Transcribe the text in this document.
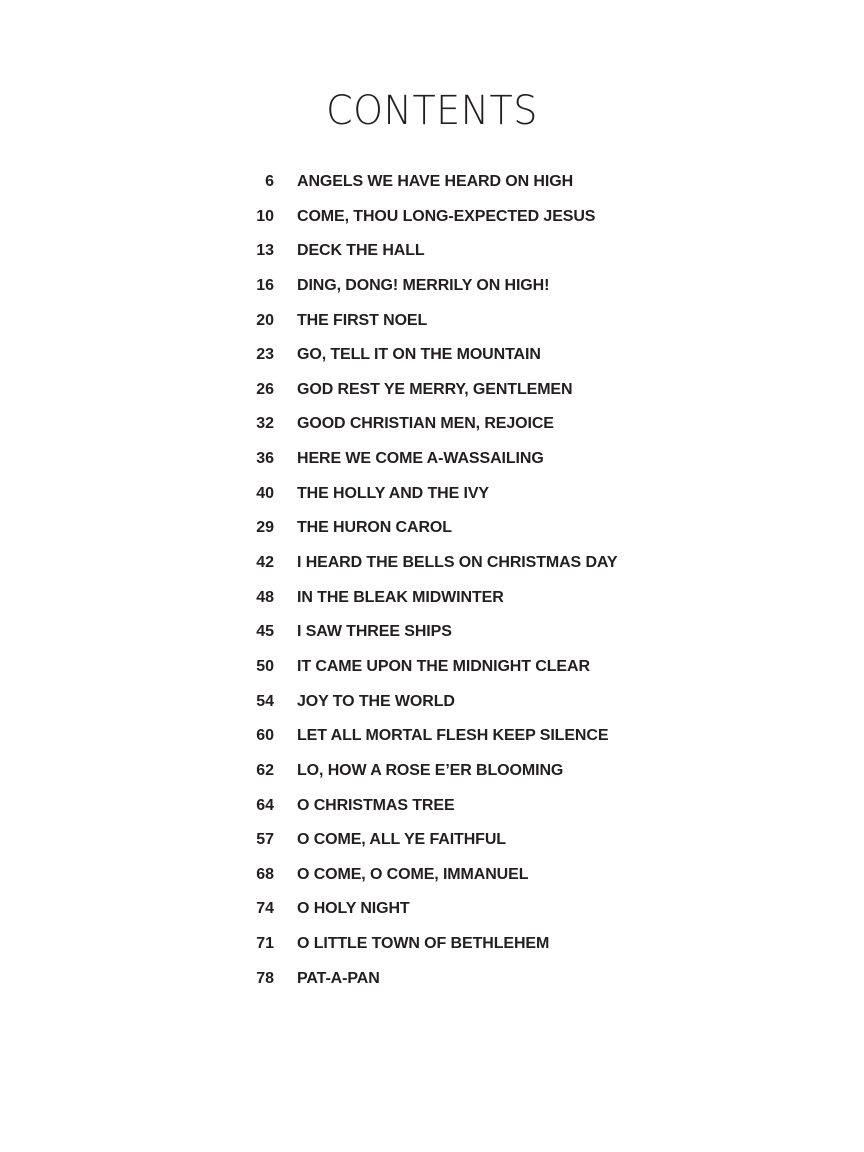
CONTENTS
6 ANGELS WE HAVE HEARD ON HIGH
10 COME, THOU LONG-EXPECTED JESUS
13 DECK THE HALL
16 DING, DONG! MERRILY ON HIGH!
20 THE FIRST NOEL
23 GO, TELL IT ON THE MOUNTAIN
26 GOD REST YE MERRY, GENTLEMEN
32 GOOD CHRISTIAN MEN, REJOICE
36 HERE WE COME A-WASSAILING
40 THE HOLLY AND THE IVY
29 THE HURON CAROL
42 I HEARD THE BELLS ON CHRISTMAS DAY
48 IN THE BLEAK MIDWINTER
45 I SAW THREE SHIPS
50 IT CAME UPON THE MIDNIGHT CLEAR
54 JOY TO THE WORLD
60 LET ALL MORTAL FLESH KEEP SILENCE
62 LO, HOW A ROSE E’ER BLOOMING
64 O CHRISTMAS TREE
57 O COME, ALL YE FAITHFUL
68 O COME, O COME, IMMANUEL
74 O HOLY NIGHT
71 O LITTLE TOWN OF BETHLEHEM
78 PAT-A-PAN
